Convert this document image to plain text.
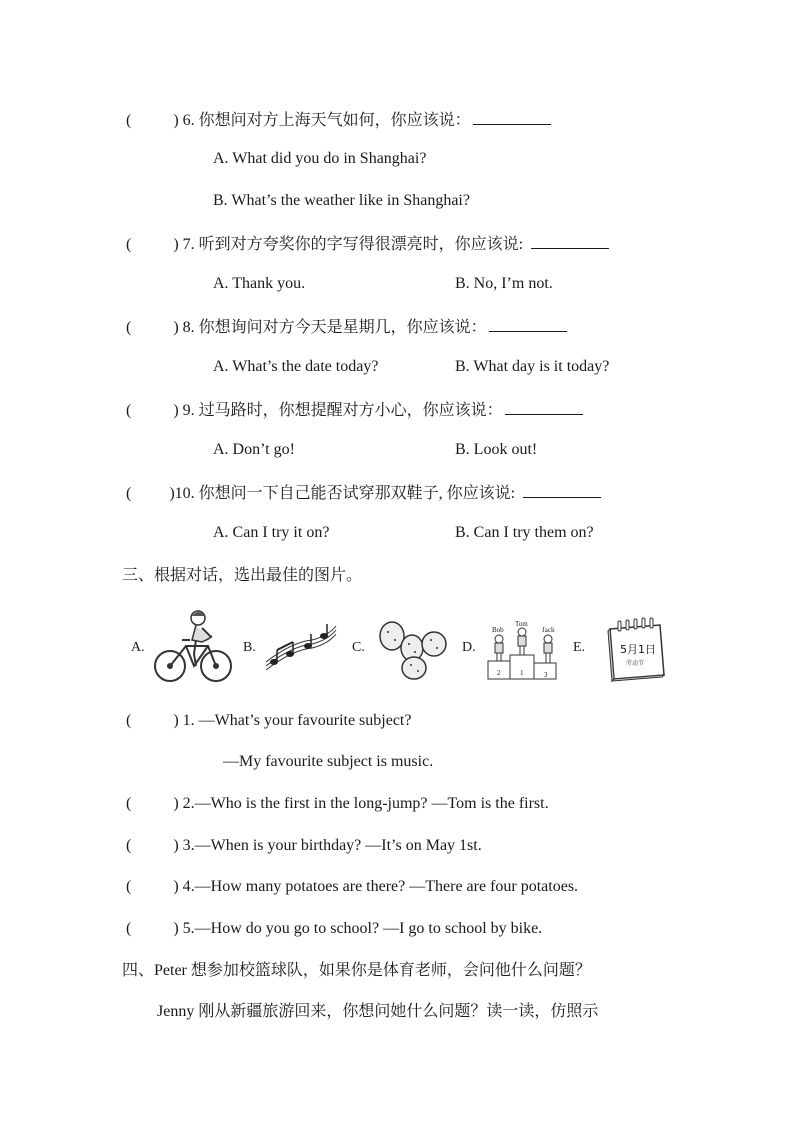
(	) 6. 你想问对方上海天气如何，你应该说：
A. What did you do in Shanghai?
B. What’s the weather like in Shanghai?
(	) 7. 听到对方夸奖你的字写得很漂亮时，你应该说:
A. Thank you.	B. No, I’m not.
(	) 8. 你想询问对方今天是星期几，你应该说：
A. What’s the date today?	B. What day is it today?
(	) 9. 过马路时，你想提醒对方小心，你应该说：
A. Don’t go!	B. Look out!
( )10. 你想问一下自己能否试穿那双鞋子, 你应该说:
A. Can I try it on?	B. Can I try them on?
三、根据对话，选出最佳的图片。
A.	B.	C.	D.
Bob
Tom
Jack
2	1	3
E.	5月1日
劳动节
(	) 1. —What’s your favourite subject?
—My favourite subject is music.
(	) 2.—Who is the first in the long-jump? —Tom is the first.
(	) 3.—When is your birthday? —It’s on May 1st.
(	) 4.—How many potatoes are there? —There are four potatoes.
(	) 5.—How do you go to school? —I go to school by bike.
四、Peter 想参加校篮球队，如果你是体育老师，会问他什么问题？
Jenny 刚从新疆旅游回来，你想问她什么问题？读一读，仿照示
